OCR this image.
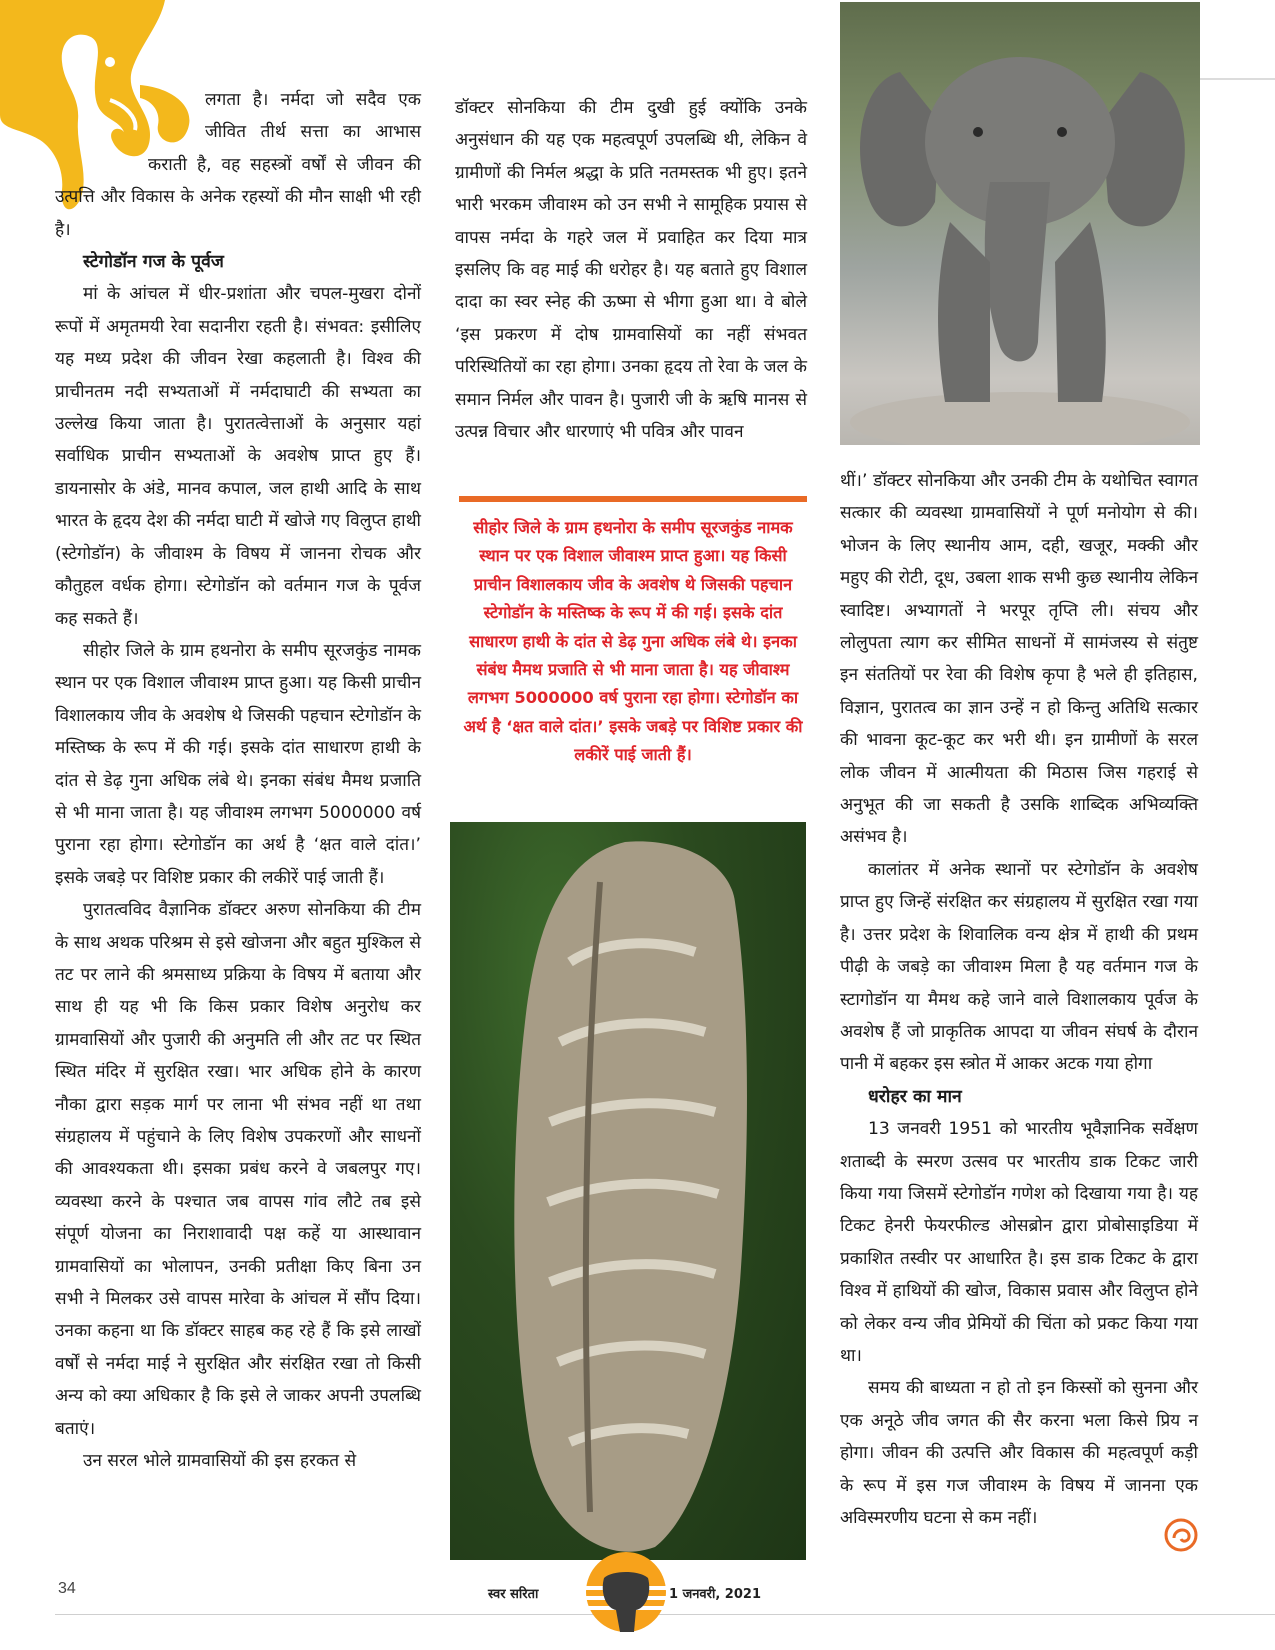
लगता है। नर्मदा जो सदैव एक जीवित तीर्थ सत्ता का आभास कराती है, वह सहस्त्रों वर्षों से जीवन की उत्पत्ति और विकास के अनेक रहस्यों की मौन साक्षी भी रही है।

स्टेगोडॉन गज के पूर्वज

मां के आंचल में धीर-प्रशांता और चपल-मुखरा दोनों रूपों में अमृतमयी रेवा सदानीरा रहती है। संभवत: इसीलिए यह मध्य प्रदेश की जीवन रेखा कहलाती है। विश्व की प्राचीनतम नदी सभ्यताओं में नर्मदाघाटी की सभ्यता का उल्लेख किया जाता है। पुरातत्वेत्ताओं के अनुसार यहां सर्वाधिक प्राचीन सभ्यताओं के अवशेष प्राप्त हुए हैं। डायनासोर के अंडे, मानव कपाल, जल हाथी आदि के साथ भारत के हृदय देश की नर्मदा घाटी में खोजे गए विलुप्त हाथी (स्टेगोडॉन) के जीवाश्म के विषय में जानना रोचक और कौतुहल वर्धक होगा। स्टेगोडॉन को वर्तमान गज के पूर्वज कह सकते हैं।

सीहोर जिले के ग्राम हथनोरा के समीप सूरजकुंड नामक स्थान पर एक विशाल जीवाश्म प्राप्त हुआ। यह किसी प्राचीन विशालकाय जीव के अवशेष थे जिसकी पहचान स्टेगोडॉन के मस्तिष्क के रूप में की गई। इसके दांत साधारण हाथी के दांत से डेढ़ गुना अधिक लंबे थे। इनका संबंध मैमथ प्रजाति से भी माना जाता है। यह जीवाश्म लगभग 5000000 वर्ष पुराना रहा होगा। स्टेगोडॉन का अर्थ है ‘क्षत वाले दांत।’ इसके जबड़े पर विशिष्ट प्रकार की लकीरें पाई जाती हैं।

पुरातत्वविद वैज्ञानिक डॉक्टर अरुण सोनकिया की टीम के साथ अथक परिश्रम से इसे खोजना और बहुत मुश्किल से तट पर लाने की श्रमसाध्य प्रक्रिया के विषय में बताया और साथ ही यह भी कि किस प्रकार विशेष अनुरोध कर ग्रामवासियों और पुजारी की अनुमति ली और तट पर स्थित स्थित मंदिर में सुरक्षित रखा। भार अधिक होने के कारण नौका द्वारा सड़क मार्ग पर लाना भी संभव नहीं था तथा संग्रहालय में पहुंचाने के लिए विशेष उपकरणों और साधनों की आवश्यकता थी। इसका प्रबंध करने वे जबलपुर गए। व्यवस्था करने के पश्चात जब वापस गांव लौटे तब इसे संपूर्ण योजना का निराशावादी पक्ष कहें या आस्थावान ग्रामवासियों का भोलापन, उनकी प्रतीक्षा किए बिना उन सभी ने मिलकर उसे वापस मारेवा के आंचल में सौंप दिया। उनका कहना था कि डॉक्टर साहब कह रहे हैं कि इसे लाखों वर्षों से नर्मदा माई ने सुरक्षित और संरक्षित रखा तो किसी अन्य को क्या अधिकार है कि इसे ले जाकर अपनी उपलब्धि बताएं।

उन सरल भोले ग्रामवासियों की इस हरकत से

डॉक्टर सोनकिया की टीम दुखी हुई क्योंकि उनके अनुसंधान की यह एक महत्वपूर्ण उपलब्धि थी, लेकिन वे ग्रामीणों की निर्मल श्रद्धा के प्रति नतमस्तक भी हुए। इतने भारी भरकम जीवाश्म को उन सभी ने सामूहिक प्रयास से वापस नर्मदा के गहरे जल में प्रवाहित कर दिया मात्र इसलिए कि वह माई की धरोहर है। यह बताते हुए विशाल दादा का स्वर स्नेह की ऊष्मा से भीगा हुआ था। वे बोले ‘इस प्रकरण में दोष ग्रामवासियों का नहीं संभवत परिस्थितियों का रहा होगा। उनका हृदय तो रेवा के जल के समान निर्मल और पावन है। पुजारी जी के ऋषि मानस से उत्पन्न विचार और धारणाएं भी पवित्र और पावन

सीहोर जिले के ग्राम हथनोरा के समीप सूरजकुंड नामक स्थान पर एक विशाल जीवाश्म प्राप्त हुआ। यह किसी प्राचीन विशालकाय जीव के अवशेष थे जिसकी पहचान स्टेगोडॉन के मस्तिष्क के रूप में की गई। इसके दांत साधारण हाथी के दांत से डेढ़ गुना अधिक लंबे थे। इनका संबंध मैमथ प्रजाति से भी माना जाता है। यह जीवाश्म लगभग 5000000 वर्ष पुराना रहा होगा। स्टेगोडॉन का अर्थ है ‘क्षत वाले दांत।’ इसके जबड़े पर विशिष्ट प्रकार की लकीरें पाई जाती हैं।

थीं।’ डॉक्टर सोनकिया और उनकी टीम के यथोचित स्वागत सत्कार की व्यवस्था ग्रामवासियों ने पूर्ण मनोयोग से की। भोजन के लिए स्थानीय आम, दही, खजूर, मक्की और महुए की रोटी, दूध, उबला शाक सभी कुछ स्थानीय लेकिन स्वादिष्ट। अभ्यागतों ने भरपूर तृप्ति ली। संचय और लोलुपता त्याग कर सीमित साधनों में सामंजस्य से संतुष्ट इन संततियों पर रेवा की विशेष कृपा है भले ही इतिहास, विज्ञान, पुरातत्व का ज्ञान उन्हें न हो किन्तु अतिथि सत्कार की भावना कूट-कूट कर भरी थी। इन ग्रामीणों के सरल लोक जीवन में आत्मीयता की मिठास जिस गहराई से अनुभूत की जा सकती है उसकि शाब्दिक अभिव्यक्ति असंभव है।

कालांतर में अनेक स्थानों पर स्टेगोडॉन के अवशेष प्राप्त हुए जिन्हें संरक्षित कर संग्रहालय में सुरक्षित रखा गया है। उत्तर प्रदेश के शिवालिक वन्य क्षेत्र में हाथी की प्रथम पीढ़ी के जबड़े का जीवाश्म मिला है यह वर्तमान गज के स्टागोडॉन या मैमथ कहे जाने वाले विशालकाय पूर्वज के अवशेष हैं जो प्राकृतिक आपदा या जीवन संघर्ष के दौरान पानी में बहकर इस स्त्रोत में आकर अटक गया होगा

धरोहर का मान

13 जनवरी 1951 को भारतीय भूवैज्ञानिक सर्वेक्षण शताब्दी के स्मरण उत्सव पर भारतीय डाक टिकट जारी किया गया जिसमें स्टेगोडॉन गणेश को दिखाया गया है। यह टिकट हेनरी फेयरफील्ड ओसब्रोन द्वारा प्रोबोसाइडिया में प्रकाशित तस्वीर पर आधारित है। इस डाक टिकट के द्वारा विश्व में हाथियों की खोज, विकास प्रवास और विलुप्त होने को लेकर वन्य जीव प्रेमियों की चिंता को प्रकट किया गया था।

समय की बाध्यता न हो तो इन किस्सों को सुनना और एक अनूठे जीव जगत की सैर करना भला किसे प्रिय न होगा। जीवन की उत्पत्ति और विकास की महत्वपूर्ण कड़ी के रूप में इस गज जीवाश्म के विषय में जानना एक अविस्मरणीय घटना से कम नहीं।

34	स्वर सरिता	1 जनवरी, 2021
